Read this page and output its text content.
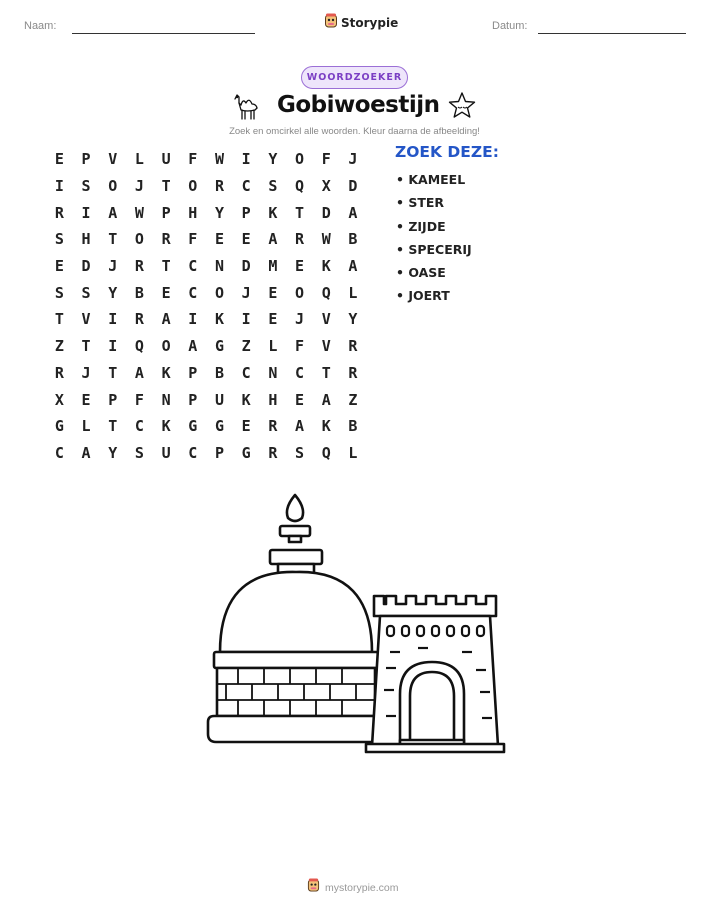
Naam:	Storypie	Datum:
WOORDZOEKER
Gobiwoestijn
Zoek en omcirkel alle woorden. Kleur daarna de afbeelding!
E	P	V	L	U	F	W	I	Y	O	F	J
I	S	O	J	T	O	R	C	S	Q	X	D
R	I	A	W	P	H	Y	P	K	T	D	A
S	H	T	O	R	F	E	E	A	R	W	B
E	D	J	R	T	C	N	D	M	E	K	A
S	S	Y	B	E	C	O	J	E	O	Q	L
T	V	I	R	A	I	K	I	E	J	V	Y
Z	T	I	Q	O	A	G	Z	L	F	V	R
R	J	T	A	K	P	B	C	N	C	T	R
X	E	P	F	N	P	U	K	H	E	A	Z
G	L	T	C	K	G	G	E	R	A	K	B
C	A	Y	S	U	C	P	G	R	S	Q	L
ZOEK DEZE:
• KAMEEL
• STER
• ZIJDE
• SPECERIJ
• OASE
• JOERT
mystorypie.com
